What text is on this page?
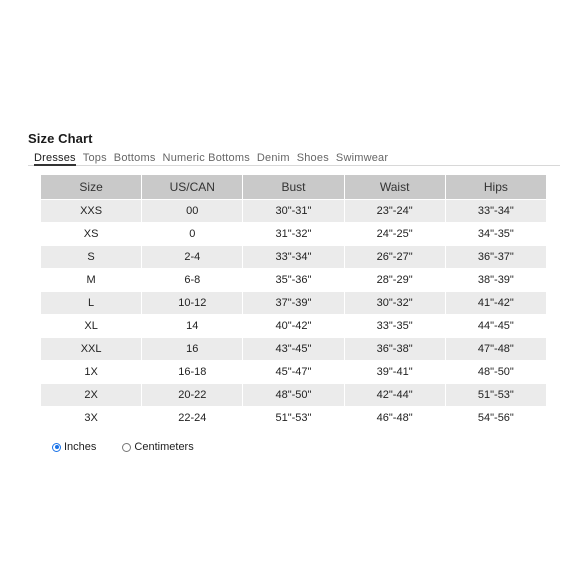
Size Chart
Dresses Tops Bottoms Numeric Bottoms Denim Shoes Swimwear
Size	US/CAN	Bust	Waist	Hips
XXS	00	30"-31"	23"-24"	33"-34"
XS	0	31"-32"	24"-25"	34"-35"
S	2-4	33"-34"	26"-27"	36"-37"
M	6-8	35"-36"	28"-29"	38"-39"
L	10-12	37"-39"	30"-32"	41"-42"
XL	14	40"-42"	33"-35"	44"-45"
XXL	16	43"-45"	36"-38"	47"-48"
1X	16-18	45"-47"	39"-41"	48"-50"
2X	20-22	48"-50"	42"-44"	51"-53"
3X	22-24	51"-53"	46"-48"	54"-56"
Inches	Centimeters
